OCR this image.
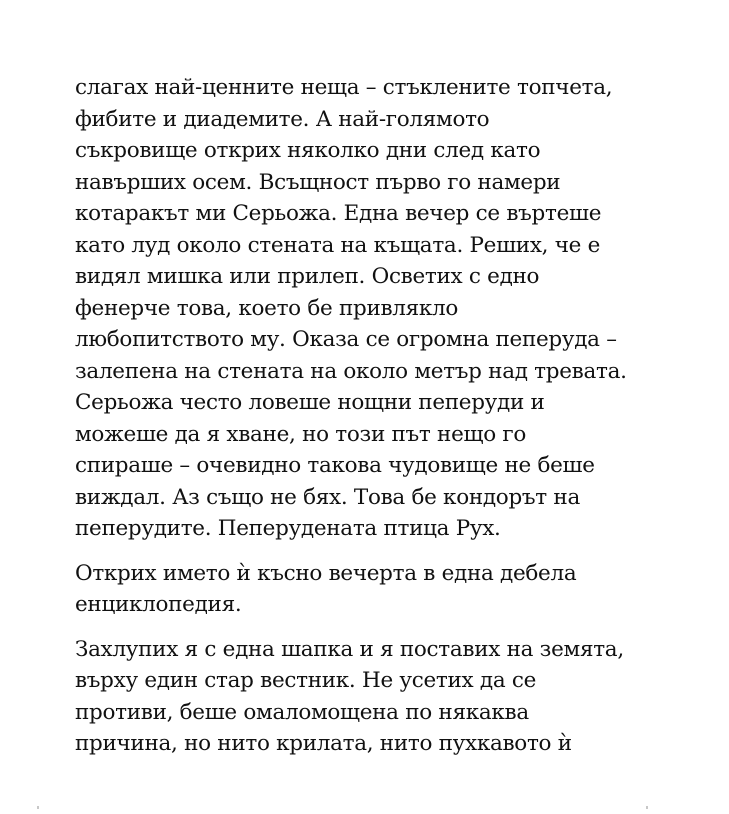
слагах най-ценните неща – стъклените топчета,
фибите и диадемите. А най-голямото
съкровище открих няколко дни след като
навърших осем. Всъщност първо го намери
котаракът ми Серьожа. Една вечер се въртеше
като луд около стената на къщата. Реших, че е
видял мишка или прилеп. Осветих с едно
фенерче това, което бе привлякло
любопитството му. Оказа се огромна пеперуда –
залепена на стената на около метър над тревата.
Серьожа често ловеше нощни пеперуди и
можеше да я хване, но този път нещо го
спираше – очевидно такова чудовище не беше
виждал. Аз също не бях. Това бе кондорът на
пеперудите. Пеперудената птица Рух.
Открих името ѝ късно вечерта в една дебела
енциклопедия.
Захлупих я с една шапка и я поставих на земята,
върху един стар вестник. Не усетих да се
противи, беше омаломощена по някаква
причина, но нито крилата, нито пухкавото ѝ
